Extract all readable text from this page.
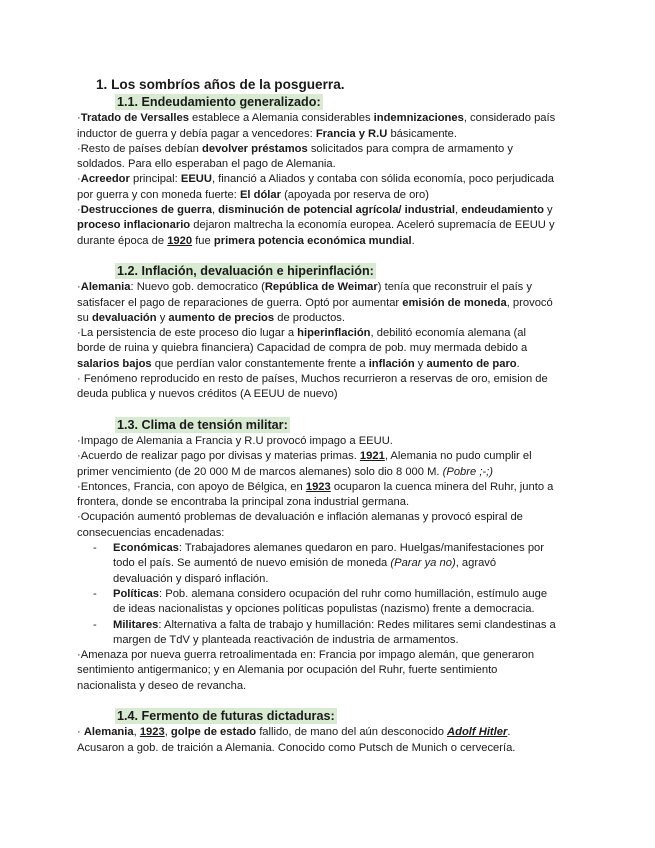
1. Los sombríos años de la posguerra.
1.1. Endeudamiento generalizado:

·Tratado de Versalles establece a Alemania considerables indemnizaciones, considerado país inductor de guerra y debía pagar a vencedores: Francia y R.U básicamente.

·Resto de países debían devolver préstamos solicitados para compra de armamento y soldados. Para ello esperaban el pago de Alemania.

·Acreedor principal: EEUU, financió a Aliados y contaba con sólida economía, poco perjudicada por guerra y con moneda fuerte: El dólar (apoyada por reserva de oro)

·Destrucciones de guerra, disminución de potencial agrícola/ industrial, endeudamiento y proceso inflacionario dejaron maltrecha la economía europea. Aceleró supremacía de EEUU y durante época de 1920 fue primera potencia económica mundial.

1.2. Inflación, devaluación e hiperinflación:

·Alemania: Nuevo gob. democratico (República de Weimar) tenía que reconstruir el país y satisfacer el pago de reparaciones de guerra. Optó por aumentar emisión de moneda, provocó su devaluación y aumento de precios de productos.

·La persistencia de este proceso dio lugar a hiperinflación, debilitó economía alemana (al borde de ruina y quiebra financiera) Capacidad de compra de pob. muy mermada debido a salarios bajos que perdían valor constantemente frente a inflación y aumento de paro.

· Fenómeno reproducido en resto de países, Muchos recurrieron a reservas de oro, emision de deuda publica y nuevos créditos (A EEUU de nuevo)

1.3. Clima de tensión militar:

·Impago de Alemania a Francia y R.U provocó impago a EEUU.

·Acuerdo de realizar pago por divisas y materias primas. 1921, Alemania no pudo cumplir el primer vencimiento (de 20 000 M de marcos alemanes) solo dio 8 000 M. (Pobre ;-;)

·Entonces, Francia, con apoyo de Bélgica, en 1923 ocuparon la cuenca minera del Ruhr, junto a frontera, donde se encontraba la principal zona industrial germana.

·Ocupación aumentó problemas de devaluación e inflación alemanas y provocó espiral de consecuencias encadenadas:

- Económicas: Trabajadores alemanes quedaron en paro. Huelgas/manifestaciones por todo el país. Se aumentó de nuevo emisión de moneda (Parar ya no), agravó devaluación y disparó inflación.
- Políticas: Pob. alemana considero ocupación del ruhr como humillación, estímulo auge de ideas nacionalistas y opciones políticas populistas (nazismo) frente a democracia.
- Militares: Alternativa a falta de trabajo y humillación: Redes militares semi clandestinas a margen de TdV y planteada reactivación de industria de armamentos.

·Amenaza por nueva guerra retroalimentada en: Francia por impago alemán, que generaron sentimiento antigermanico; y en Alemania por ocupación del Ruhr, fuerte sentimiento nacionalista y deseo de revancha.

1.4. Fermento de futuras dictaduras:

· Alemania, 1923, golpe de estado fallido, de mano del aún desconocido Adolf Hitler. Acusaron a gob. de traición a Alemania. Conocido como Putsch de Munich o cervecería.
